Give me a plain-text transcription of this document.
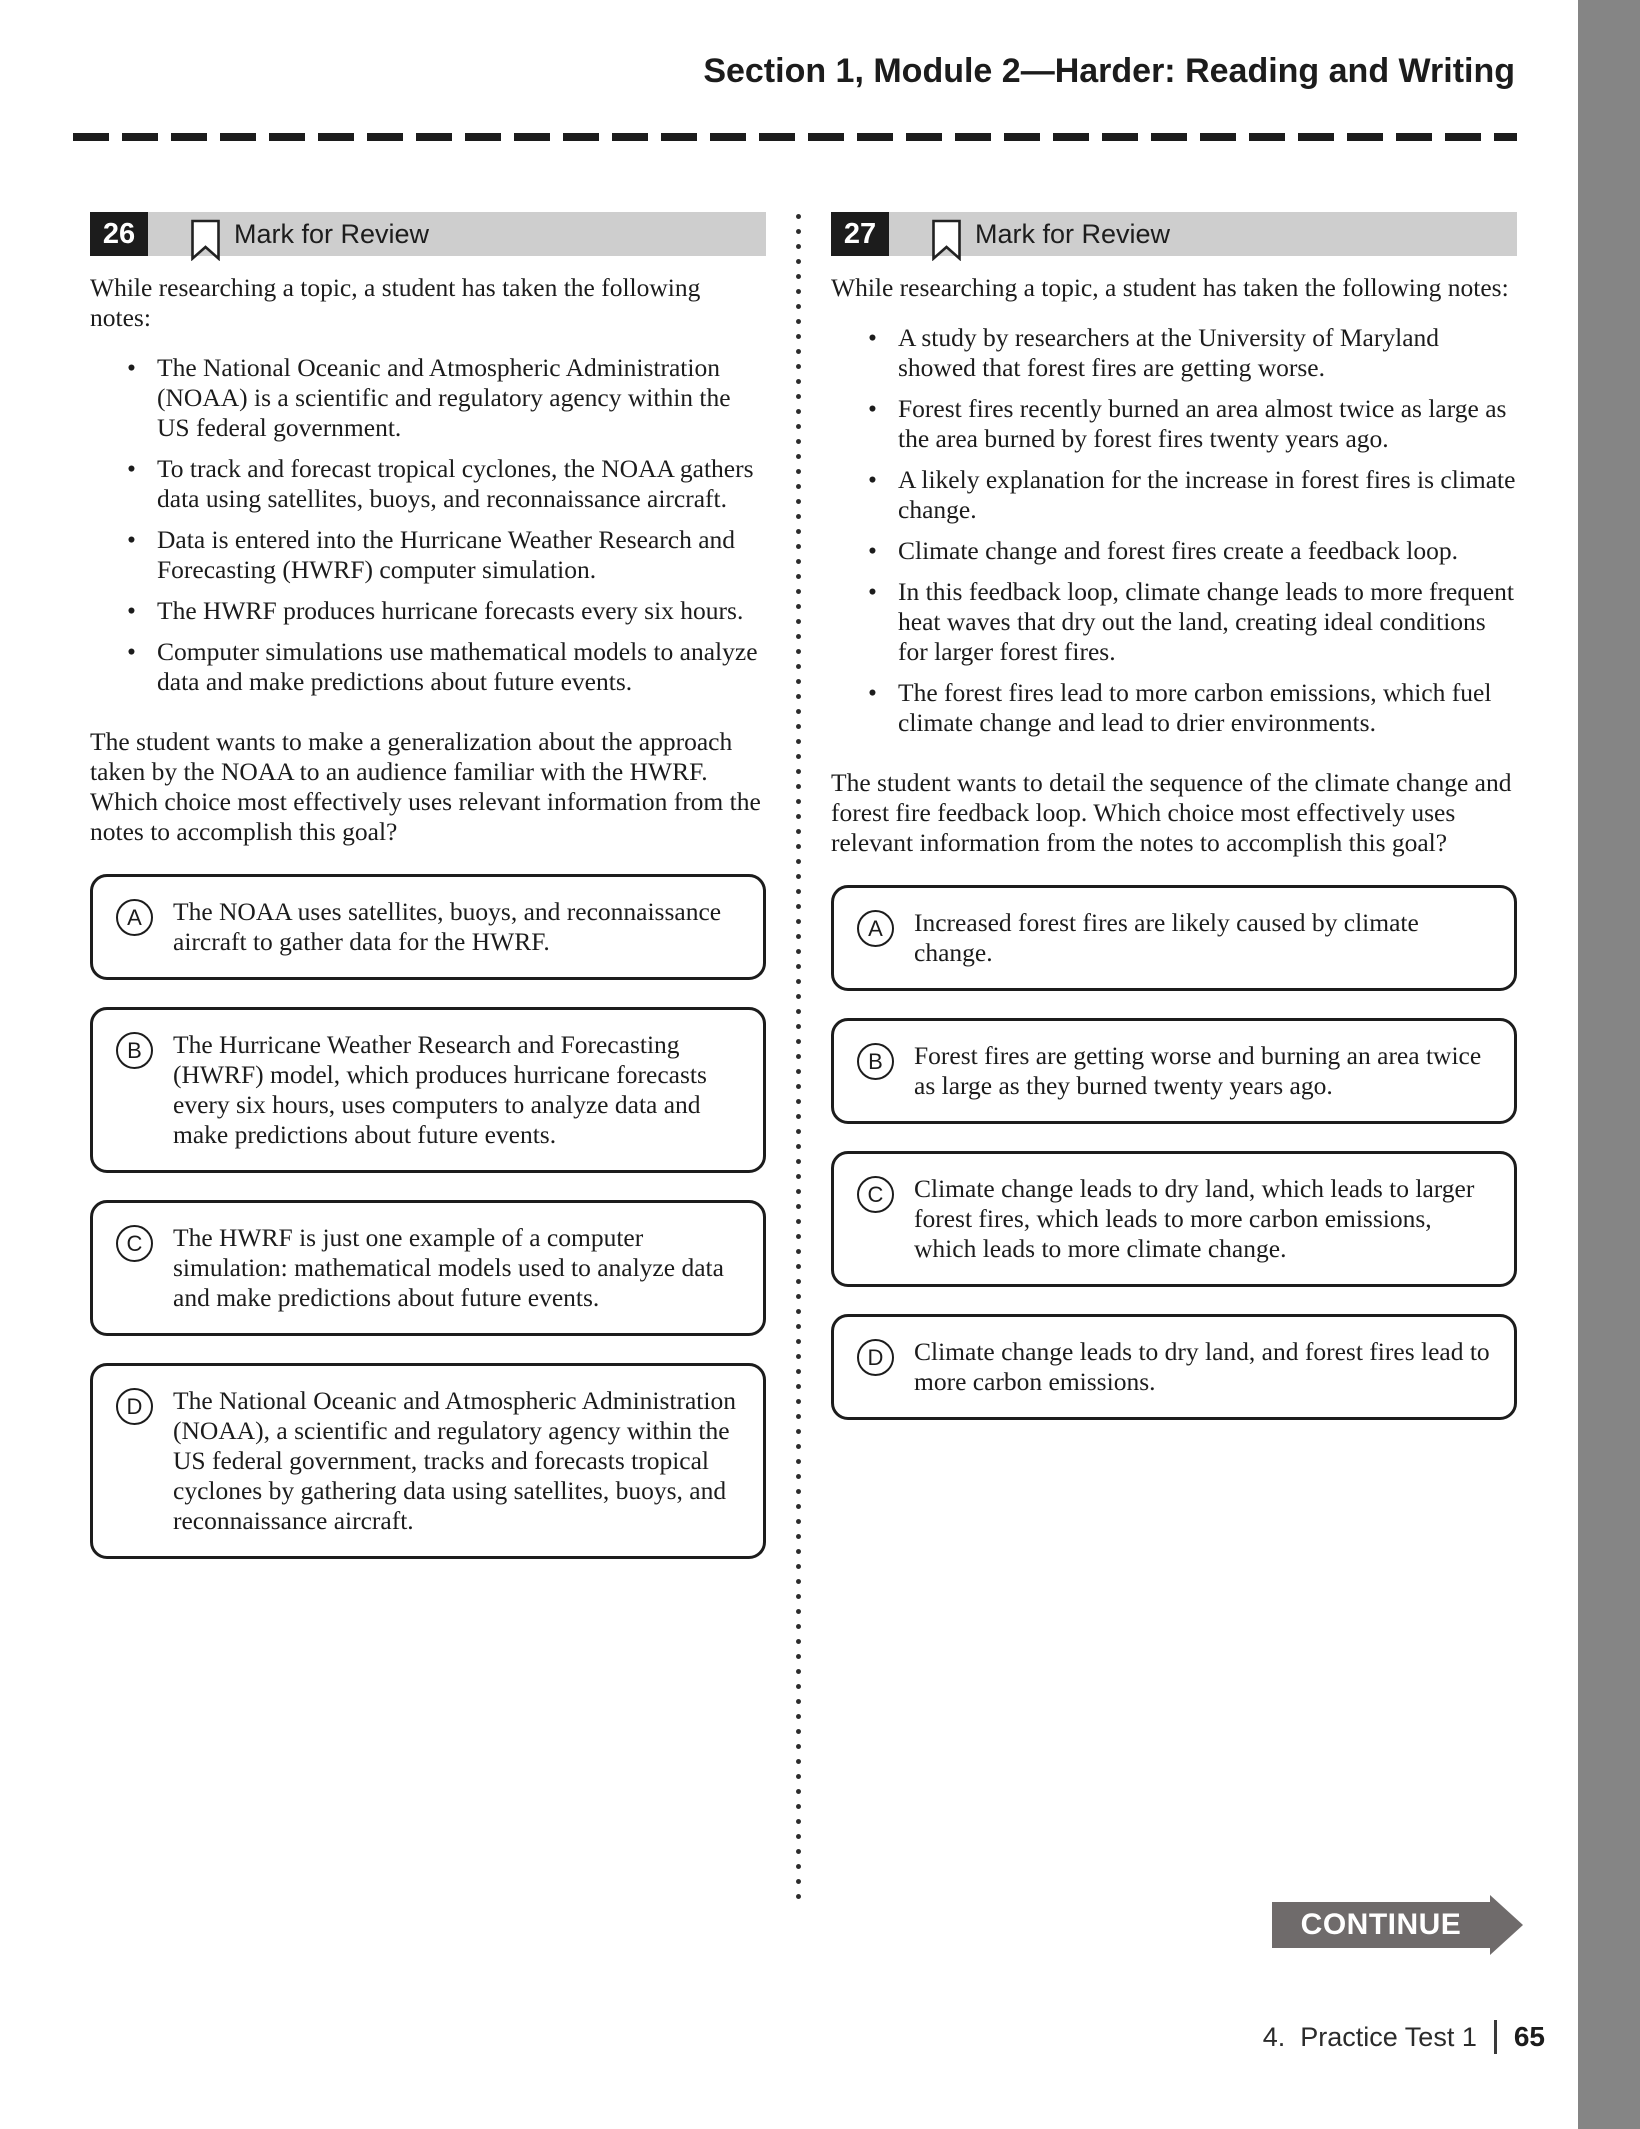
Section 1, Module 2—Harder: Reading and Writing
26	Mark for Review

While researching a topic, a student has taken the following notes:

• The National Oceanic and Atmospheric Administration (NOAA) is a scientific and regulatory agency within the US federal government.
• To track and forecast tropical cyclones, the NOAA gathers data using satellites, buoys, and reconnaissance aircraft.
• Data is entered into the Hurricane Weather Research and Forecasting (HWRF) computer simulation.
• The HWRF produces hurricane forecasts every six hours.
• Computer simulations use mathematical models to analyze data and make predictions about future events.

The student wants to make a generalization about the approach taken by the NOAA to an audience familiar with the HWRF. Which choice most effectively uses relevant information from the notes to accomplish this goal?

A	The NOAA uses satellites, buoys, and reconnaissance aircraft to gather data for the HWRF.
B	The Hurricane Weather Research and Forecasting (HWRF) model, which produces hurricane forecasts every six hours, uses computers to analyze data and make predictions about future events.
C	The HWRF is just one example of a computer simulation: mathematical models used to analyze data and make predictions about future events.
D	The National Oceanic and Atmospheric Administration (NOAA), a scientific and regulatory agency within the US federal government, tracks and forecasts tropical cyclones by gathering data using satellites, buoys, and reconnaissance aircraft.
27	Mark for Review

While researching a topic, a student has taken the following notes:

• A study by researchers at the University of Maryland showed that forest fires are getting worse.
• Forest fires recently burned an area almost twice as large as the area burned by forest fires twenty years ago.
• A likely explanation for the increase in forest fires is climate change.
• Climate change and forest fires create a feedback loop.
• In this feedback loop, climate change leads to more frequent heat waves that dry out the land, creating ideal conditions for larger forest fires.
• The forest fires lead to more carbon emissions, which fuel climate change and lead to drier environments.

The student wants to detail the sequence of the climate change and forest fire feedback loop. Which choice most effectively uses relevant information from the notes to accomplish this goal?

A	Increased forest fires are likely caused by climate change.
B	Forest fires are getting worse and burning an area twice as large as they burned twenty years ago.
C	Climate change leads to dry land, which leads to larger forest fires, which leads to more carbon emissions, which leads to more climate change.
D	Climate change leads to dry land, and forest fires lead to more carbon emissions.
CONTINUE
4.  Practice Test 1 65
